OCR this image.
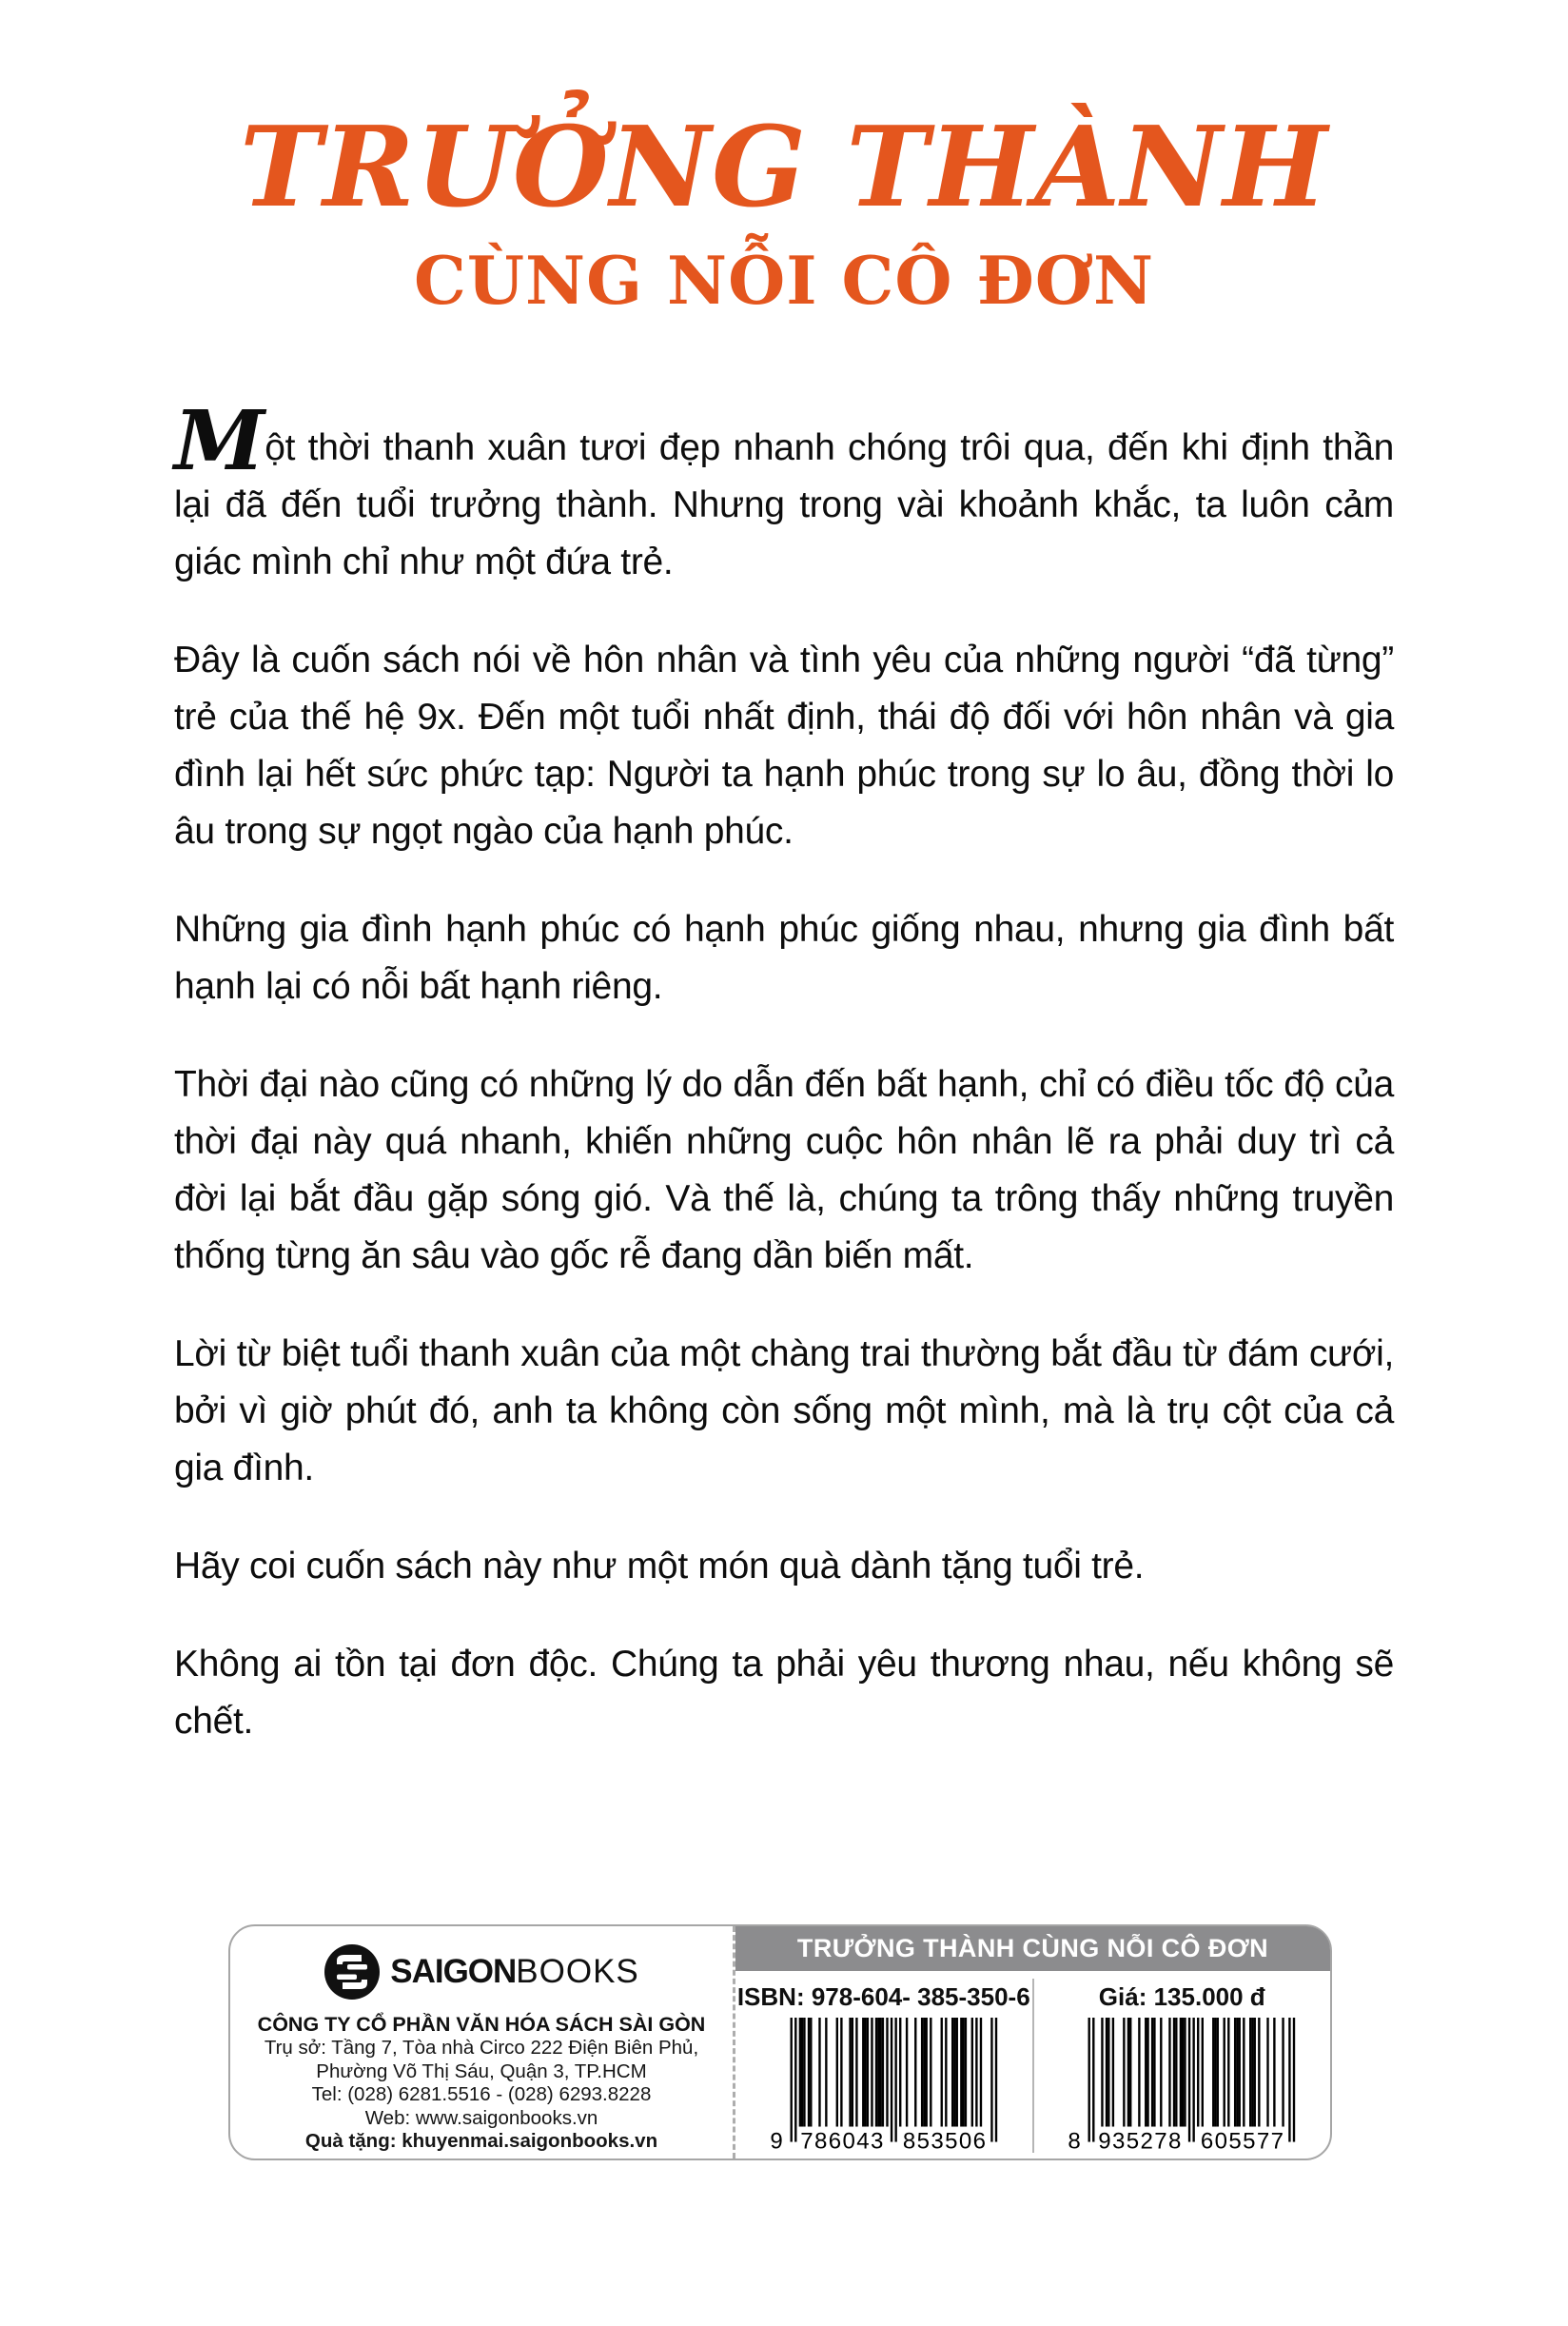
TRƯỞNG THÀNH
CÙNG NỖI CÔ ĐƠN

Một thời thanh xuân tươi đẹp nhanh chóng trôi qua, đến khi định thần lại đã đến tuổi trưởng thành. Nhưng trong vài khoảnh khắc, ta luôn cảm giác mình chỉ như một đứa trẻ.

Đây là cuốn sách nói về hôn nhân và tình yêu của những người “đã từng” trẻ của thế hệ 9x. Đến một tuổi nhất định, thái độ đối với hôn nhân và gia đình lại hết sức phức tạp: Người ta hạnh phúc trong sự lo âu, đồng thời lo âu trong sự ngọt ngào của hạnh phúc.

Những gia đình hạnh phúc có hạnh phúc giống nhau, nhưng gia đình bất hạnh lại có nỗi bất hạnh riêng.

Thời đại nào cũng có những lý do dẫn đến bất hạnh, chỉ có điều tốc độ của thời đại này quá nhanh, khiến những cuộc hôn nhân lẽ ra phải duy trì cả đời lại bắt đầu gặp sóng gió. Và thế là, chúng ta trông thấy những truyền thống từng ăn sâu vào gốc rễ đang dần biến mất.

Lời từ biệt tuổi thanh xuân của một chàng trai thường bắt đầu từ đám cưới, bởi vì giờ phút đó, anh ta không còn sống một mình, mà là trụ cột của cả gia đình.

Hãy coi cuốn sách này như một món quà dành tặng tuổi trẻ.

Không ai tồn tại đơn độc. Chúng ta phải yêu thương nhau, nếu không sẽ chết.

SAIGONBOOKS
CÔNG TY CỔ PHẦN VĂN HÓA SÁCH SÀI GÒN
Trụ sở: Tầng 7, Tòa nhà Circo 222 Điện Biên Phủ,
Phường Võ Thị Sáu, Quận 3, TP.HCM
Tel: (028) 6281.5516 - (028) 6293.8228
Web: www.saigonbooks.vn
Quà tặng: khuyenmai.saigonbooks.vn
TRƯỞNG THÀNH CÙNG NỖI CÔ ĐƠN
ISBN: 978-604- 385-350-6
9 786043 853506
Giá: 135.000 đ
8 935278 605577
